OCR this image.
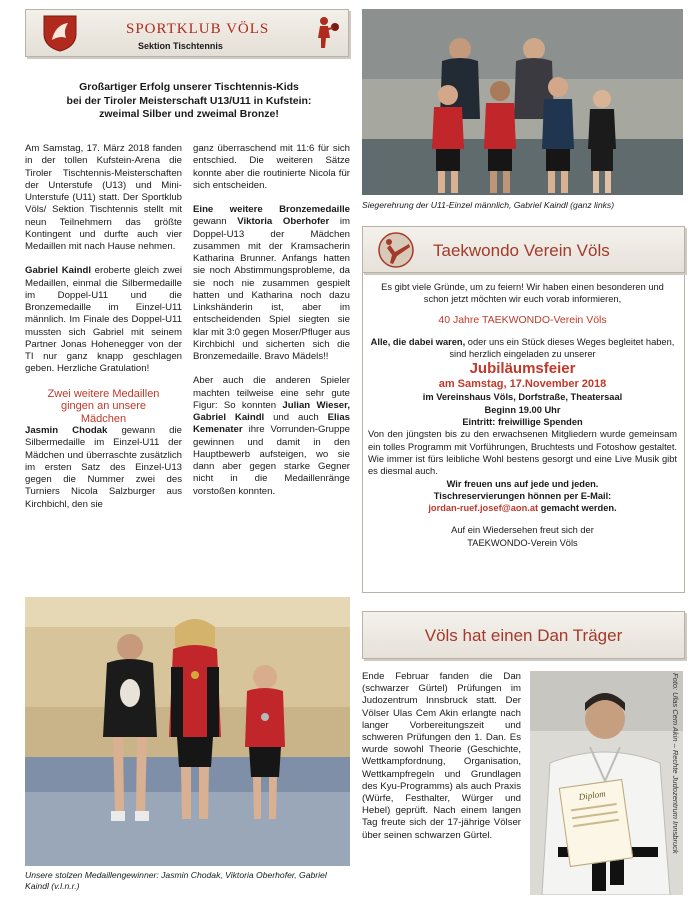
SPORTKLUB VÖLS
Sektion Tischtennis
Großartiger Erfolg unserer Tischtennis-Kids
bei der Tiroler Meisterschaft U13/U11 in Kufstein:
zweimal Silber und zweimal Bronze!

Am Samstag, 17. März 2018 fanden in der tollen Kufstein-Arena die Tiroler Tischtennis-Meisterschaften der Unterstufe (U13) und Mini-Unterstufe (U11) statt. Der Sportklub Völs/ Sektion Tischtennis stellt mit neun Teilnehmern das größte Kontingent und durfte auch vier Medaillen mit nach Hause nehmen.

Gabriel Kaindl eroberte gleich zwei Medaillen, einmal die Silbermedaille im Doppel-U11 und die Bronzemedaille im Einzel-U11 männlich. Im Finale des Doppel-U11 mussten sich Gabriel mit seinem Partner Jonas Hohenegger von der TI nur ganz knapp geschlagen geben. Herzliche Gratulation!

Zwei weitere Medaillen
gingen an unsere
Mädchen

Jasmin Chodak gewann die Silbermedaille im Einzel-U11 der Mädchen und überraschte zusätzlich im ersten Satz des Einzel-U13 gegen die Nummer zwei des Turniers Nicola Salzburger aus Kirchbichl, den sie

ganz überraschend mit 11:6 für sich entschied. Die weiteren Sätze konnte aber die routinierte Nicola für sich entscheiden.

Eine weitere Bronzemedaille gewann Viktoria Oberhofer im Doppel-U13 der Mädchen zusammen mit der Kramsacherin Katharina Brunner. Anfangs hatten sie noch Abstimmungsprobleme, da sie noch nie zusammen gespielt hatten und Katharina noch dazu Linkshänderin ist, aber im entscheidenden Spiel siegten sie klar mit 3:0 gegen Moser/Pfluger aus Kirchbichl und sicherten sich die Bronzemedaille. Bravo Mädels!!

Aber auch die anderen Spieler machten teilweise eine sehr gute Figur: So konnten Julian Wieser, Gabriel Kaindl und auch Elias Kemenater ihre Vorrunden-Gruppe gewinnen und damit in den Hauptbewerb aufsteigen, wo sie dann aber gegen starke Gegner nicht in die Medaillenränge vorstoßen konnten.

Unsere stolzen Medaillengewinner: Jasmin Chodak, Viktoria Oberhofer, Gabriel Kaindl (v.l.n.r.)
Siegerehrung der U11-Einzel männlich, Gabriel Kaindl (ganz links)
Taekwondo Verein Völs

Es gibt viele Gründe, um zu feiern! Wir haben einen besonderen und schon jetzt möchten wir euch vorab informieren,

40 Jahre TAEKWONDO-Verein Völs

Alle, die dabei waren, oder uns ein Stück dieses Weges begleitet haben, sind herzlich eingeladen zu unserer

Jubiläumsfeier

am Samstag, 17.November 2018

im Vereinshaus Völs, Dorfstraße, Theatersaal

Beginn 19.00 Uhr

Eintritt: freiwillige Spenden

Von den jüngsten bis zu den erwachsenen Mitgliedern wurde gemeinsam ein tolles Programm mit Vorführungen, Bruchtests und Fotoshow gestaltet. Wie immer ist fürs leibliche Wohl bestens gesorgt und eine Live Musik gibt es diesmal auch.

Wir freuen uns auf jede und jeden.

Tischreservierungen hönnen per E-Mail:

jordan-ruef.josef@aon.at gemacht werden.

Auf ein Wiedersehen freut sich der

TAEKWONDO-Verein Völs

Völs hat einen Dan Träger
Ende Februar fanden die Dan (schwarzer Gürtel) Prüfungen im Judozentrum Innsbruck statt. Der Völser Ulas Cem Akin erlangte nach langer Vorbereitungszeit und schweren Prüfungen den 1. Dan. Es wurde sowohl Theorie (Geschichte, Wettkampfordnung, Organisation, Wettkampfregeln und Grundlagen des Kyu-Programms) als auch Praxis (Würfe, Festhalter, Würger und Hebel) geprüft. Nach einem langen Tag freute sich der 17-jährige Völser über seinen schwarzen Gürtel.
Diplom	Foto: Ulas Cem Akin – Rechte Judozentrum Innsbruck
